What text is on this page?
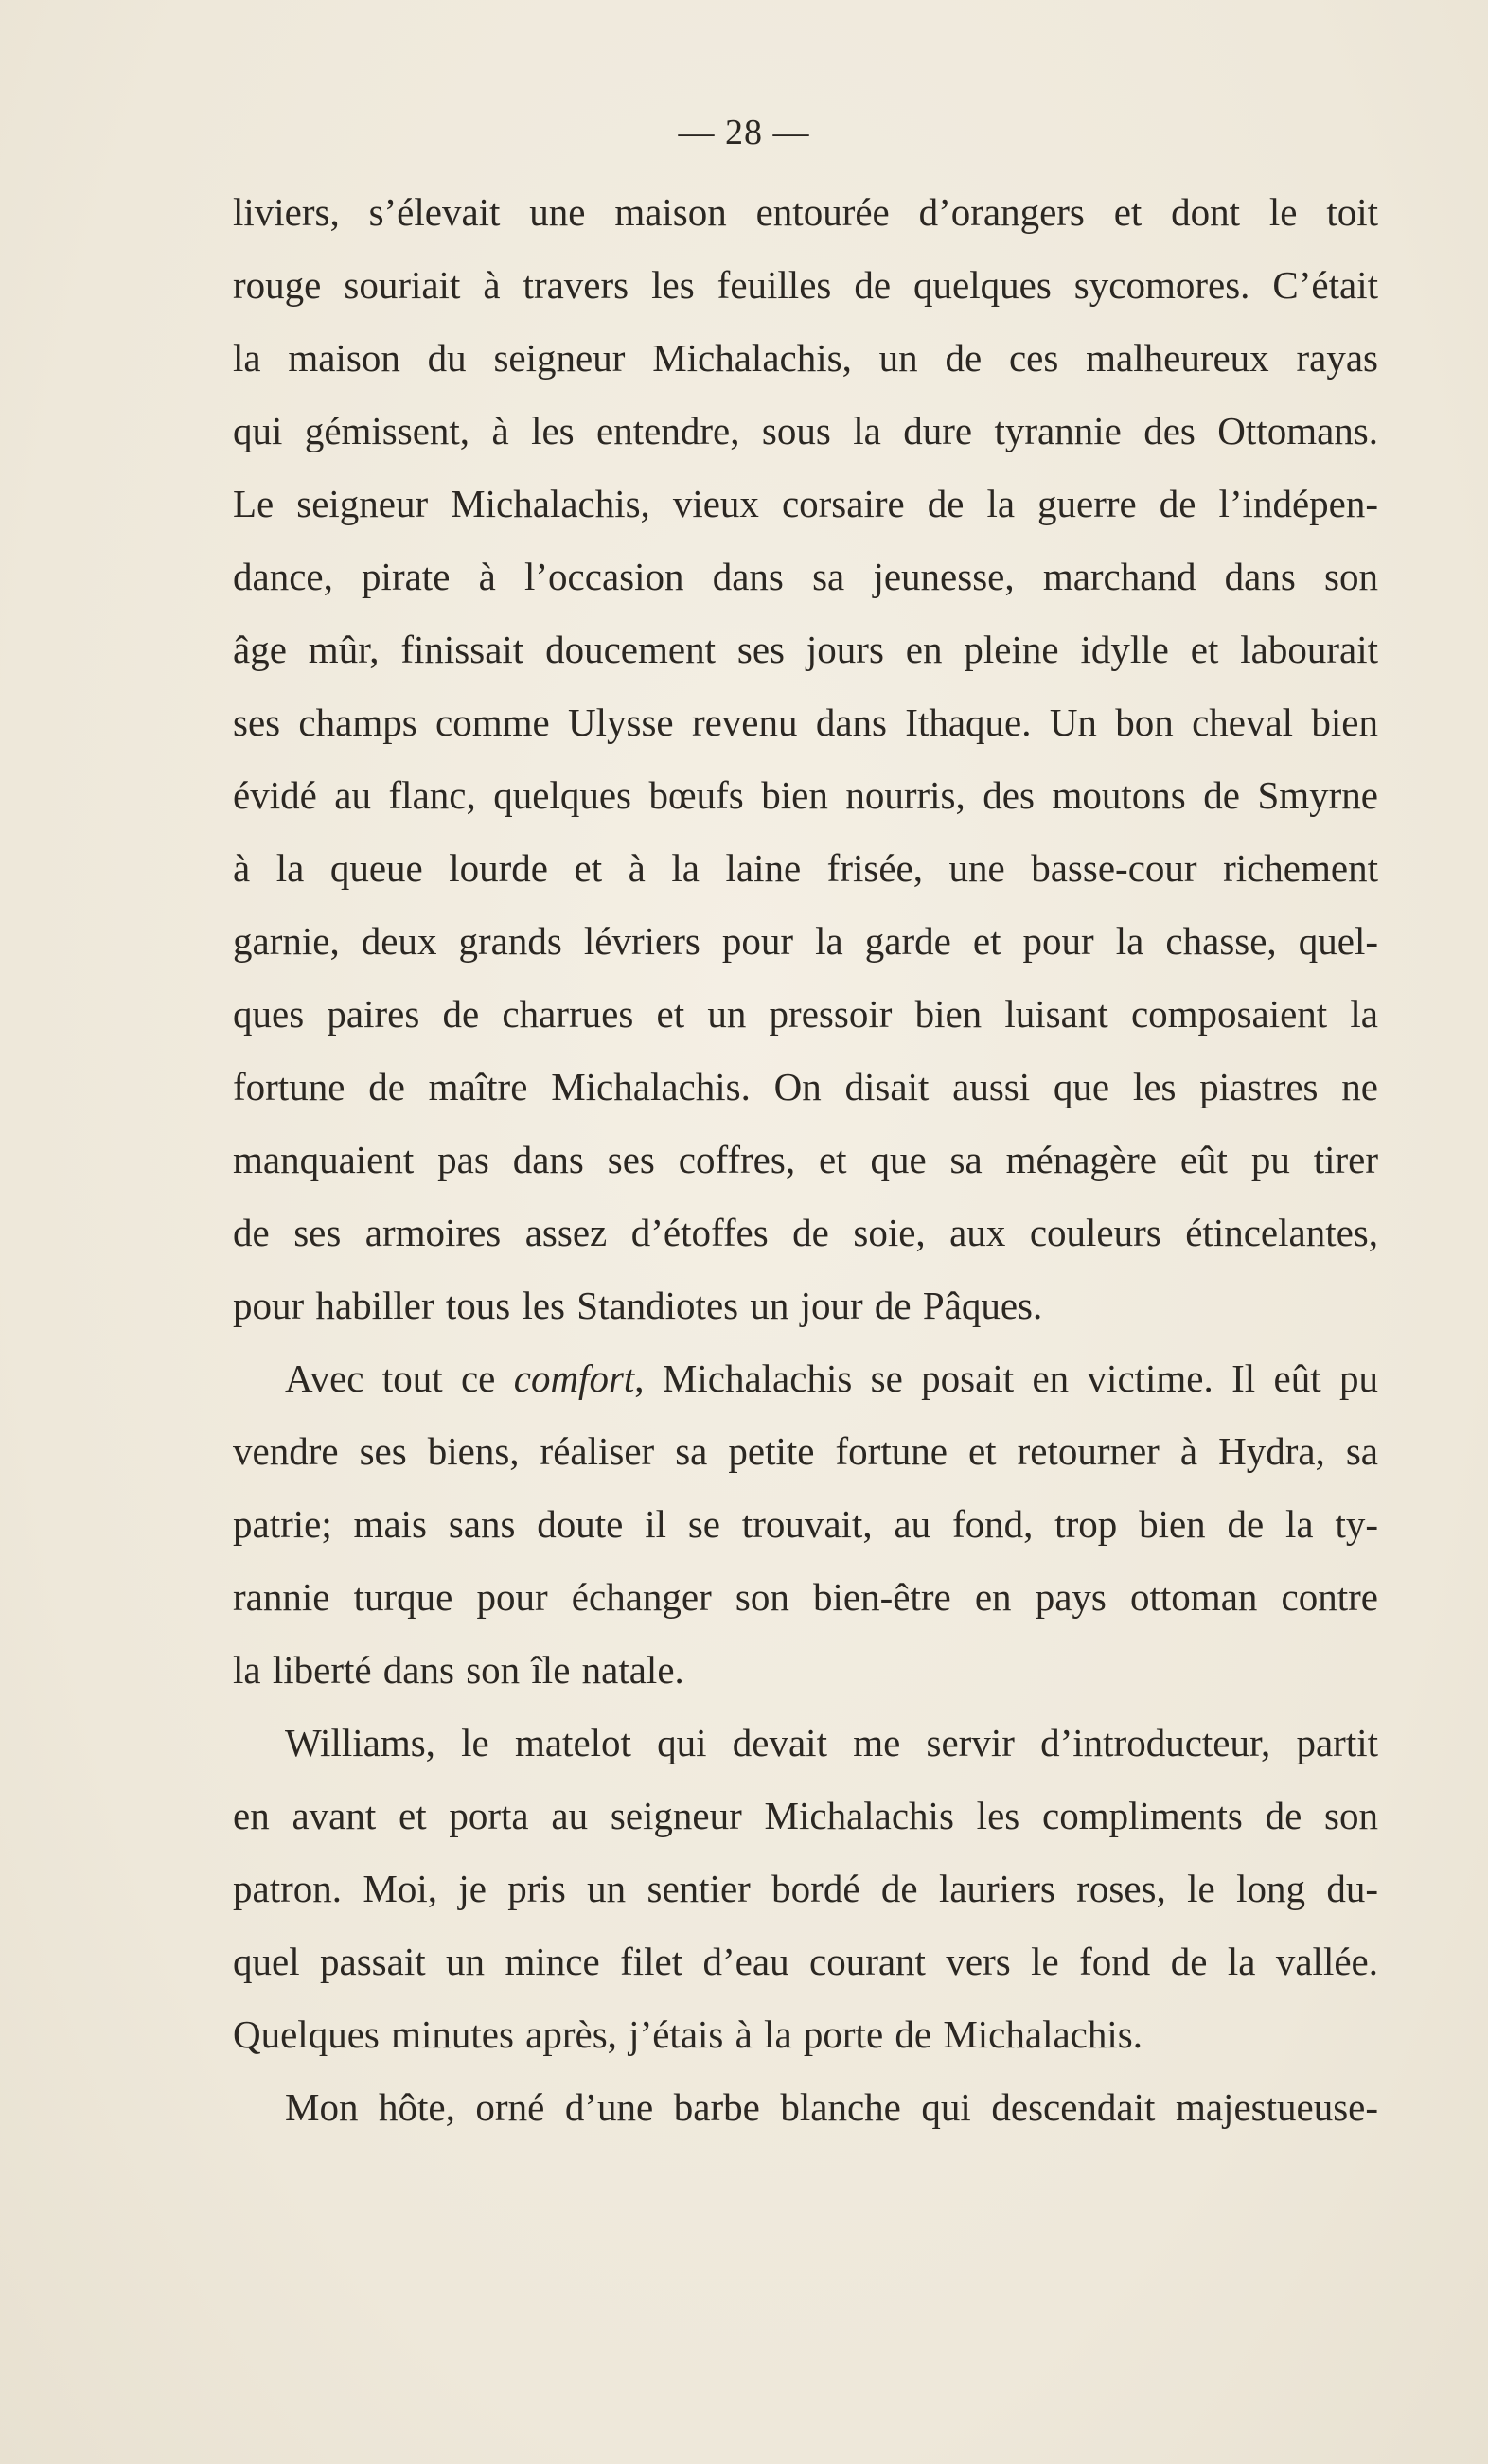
— 28 —
liviers, s’élevait une maison entourée d’orangers et dont le toit
rouge souriait à travers les feuilles de quelques sycomores. C’était
la maison du seigneur Michalachis, un de ces malheureux rayas
qui gémissent, à les entendre, sous la dure tyrannie des Ottomans.
Le seigneur Michalachis, vieux corsaire de la guerre de l’indépen-
dance, pirate à l’occasion dans sa jeunesse, marchand dans son
âge mûr, finissait doucement ses jours en pleine idylle et labourait
ses champs comme Ulysse revenu dans Ithaque. Un bon cheval bien
évidé au flanc, quelques bœufs bien nourris, des moutons de Smyrne
à la queue lourde et à la laine frisée, une basse-cour richement
garnie, deux grands lévriers pour la garde et pour la chasse, quel-
ques paires de charrues et un pressoir bien luisant composaient la
fortune de maître Michalachis. On disait aussi que les piastres ne
manquaient pas dans ses coffres, et que sa ménagère eût pu tirer
de ses armoires assez d’étoffes de soie, aux couleurs étincelantes,
pour habiller tous les Standiotes un jour de Pâques.
Avec tout ce comfort, Michalachis se posait en victime. Il eût pu
vendre ses biens, réaliser sa petite fortune et retourner à Hydra, sa
patrie; mais sans doute il se trouvait, au fond, trop bien de la ty-
rannie turque pour échanger son bien-être en pays ottoman contre
la liberté dans son île natale.
Williams, le matelot qui devait me servir d’introducteur, partit
en avant et porta au seigneur Michalachis les compliments de son
patron. Moi, je pris un sentier bordé de lauriers roses, le long du-
quel passait un mince filet d’eau courant vers le fond de la vallée.
Quelques minutes après, j’étais à la porte de Michalachis.
Mon hôte, orné d’une barbe blanche qui descendait majestueuse-
